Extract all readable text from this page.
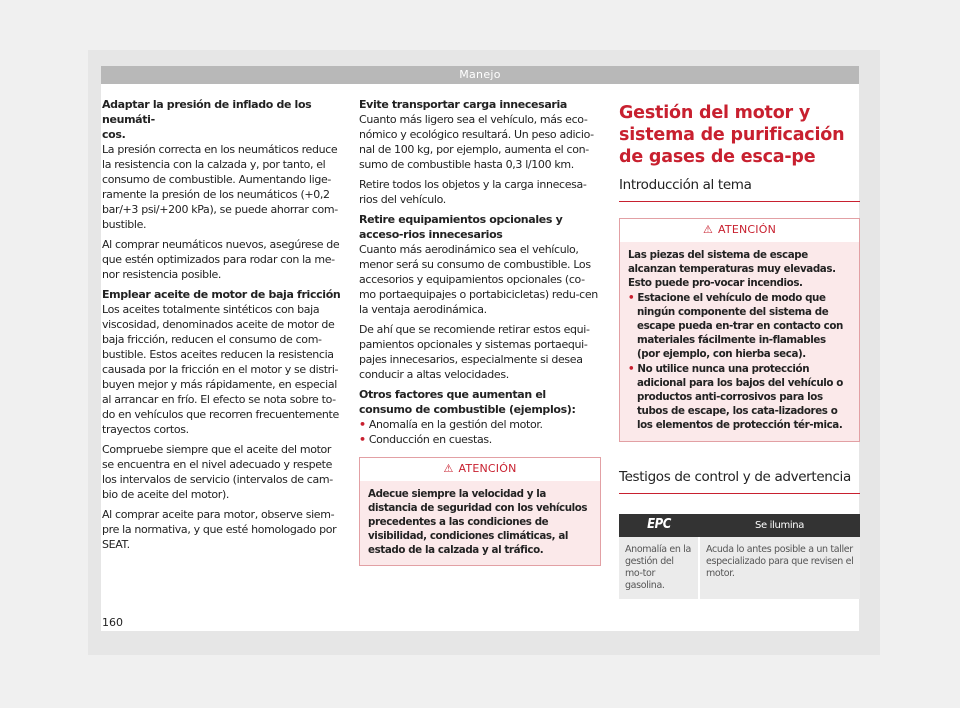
Manejo

Adaptar la presión de inflado de los neumáti-
cos.

La presión correcta en los neumáticos reduce la resistencia con la calzada y, por tanto, el consumo de combustible. Aumentando lige-ramente la presión de los neumáticos (+0,2 bar/+3 psi/+200 kPa), se puede ahorrar com-bustible.

Al comprar neumáticos nuevos, asegúrese de que estén optimizados para rodar con la me-nor resistencia posible.

Emplear aceite de motor de baja fricción

Los aceites totalmente sintéticos con baja viscosidad, denominados aceite de motor de baja fricción, reducen el consumo de com-bustible. Estos aceites reducen la resistencia causada por la fricción en el motor y se distri-buyen mejor y más rápidamente, en especial al arrancar en frío. El efecto se nota sobre to-do en vehículos que recorren frecuentemente trayectos cortos.

Compruebe siempre que el aceite del motor se encuentra en el nivel adecuado y respete los intervalos de servicio (intervalos de cam-bio de aceite del motor).

Al comprar aceite para motor, observe siem-pre la normativa, y que esté homologado por SEAT.

Evite transportar carga innecesaria

Cuanto más ligero sea el vehículo, más eco-nómico y ecológico resultará. Un peso adicio-nal de 100 kg, por ejemplo, aumenta el con-sumo de combustible hasta 0,3 l/100 km.

Retire todos los objetos y la carga innecesa-rios del vehículo.

Retire equipamientos opcionales y acceso-rios innecesarios

Cuanto más aerodinámico sea el vehículo, menor será su consumo de combustible. Los accesorios y equipamientos opcionales (co-mo portaequipajes o portabicicletas) redu-cen la ventaja aerodinámica.

De ahí que se recomiende retirar estos equi-pamientos opcionales y sistemas portaequi-pajes innecesarios, especialmente si desea conducir a altas velocidades.

Otros factores que aumentan el consumo de combustible (ejemplos):

• Anomalía en la gestión del motor.

• Conducción en cuestas.

⚠ ATENCIÓN
Adecue siempre la velocidad y la distancia de seguridad con los vehículos precedentes a las condiciones de visibilidad, condiciones climáticas, al estado de la calzada y al tráfico.
Gestión del motor y sistema de purificación de gases de esca-pe
Introducción al tema
⚠ ATENCIÓN

Las piezas del sistema de escape alcanzan temperaturas muy elevadas. Esto puede pro-vocar incendios.

• Estacione el vehículo de modo que ningún componente del sistema de escape pueda en-trar en contacto con materiales fácilmente in-flamables (por ejemplo, con hierba seca).

• No utilice nunca una protección adicional para los bajos del vehículo o productos anti-corrosivos para los tubos de escape, los cata-lizadores o los elementos de protección tér-mica.

Testigos de control y de advertencia
EPC	Se ilumina
Anomalía en la gestión del mo-tor gasolina.	Acuda lo antes posible a un taller especializado para que revisen el motor.
160
